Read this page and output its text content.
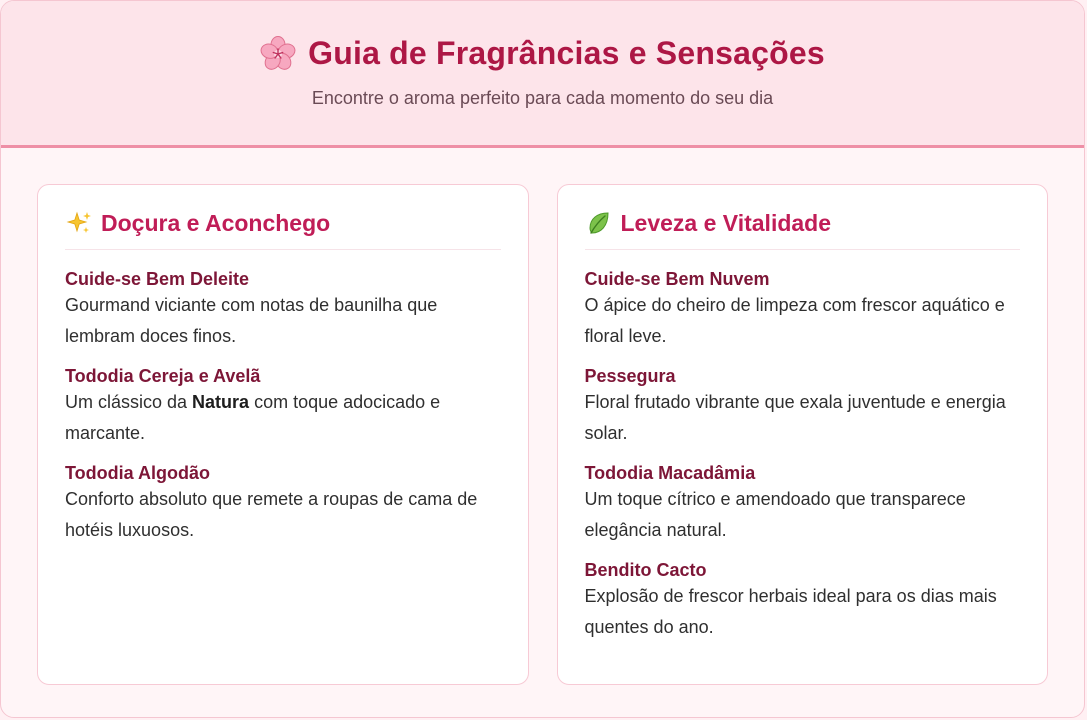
Guia de Fragrâncias e Sensações
Encontre o aroma perfeito para cada momento do seu dia
Doçura e Aconchego
Cuide-se Bem Deleite
Gourmand viciante com notas de baunilha que lembram doces finos.
Tododia Cereja e Avelã
Um clássico da Natura com toque adocicado e marcante.
Tododia Algodão
Conforto absoluto que remete a roupas de cama de hotéis luxuosos.
Leveza e Vitalidade
Cuide-se Bem Nuvem
O ápice do cheiro de limpeza com frescor aquático e floral leve.
Pessegura
Floral frutado vibrante que exala juventude e energia solar.
Tododia Macadâmia
Um toque cítrico e amendoado que transparece elegância natural.
Bendito Cacto
Explosão de frescor herbais ideal para os dias mais quentes do ano.
